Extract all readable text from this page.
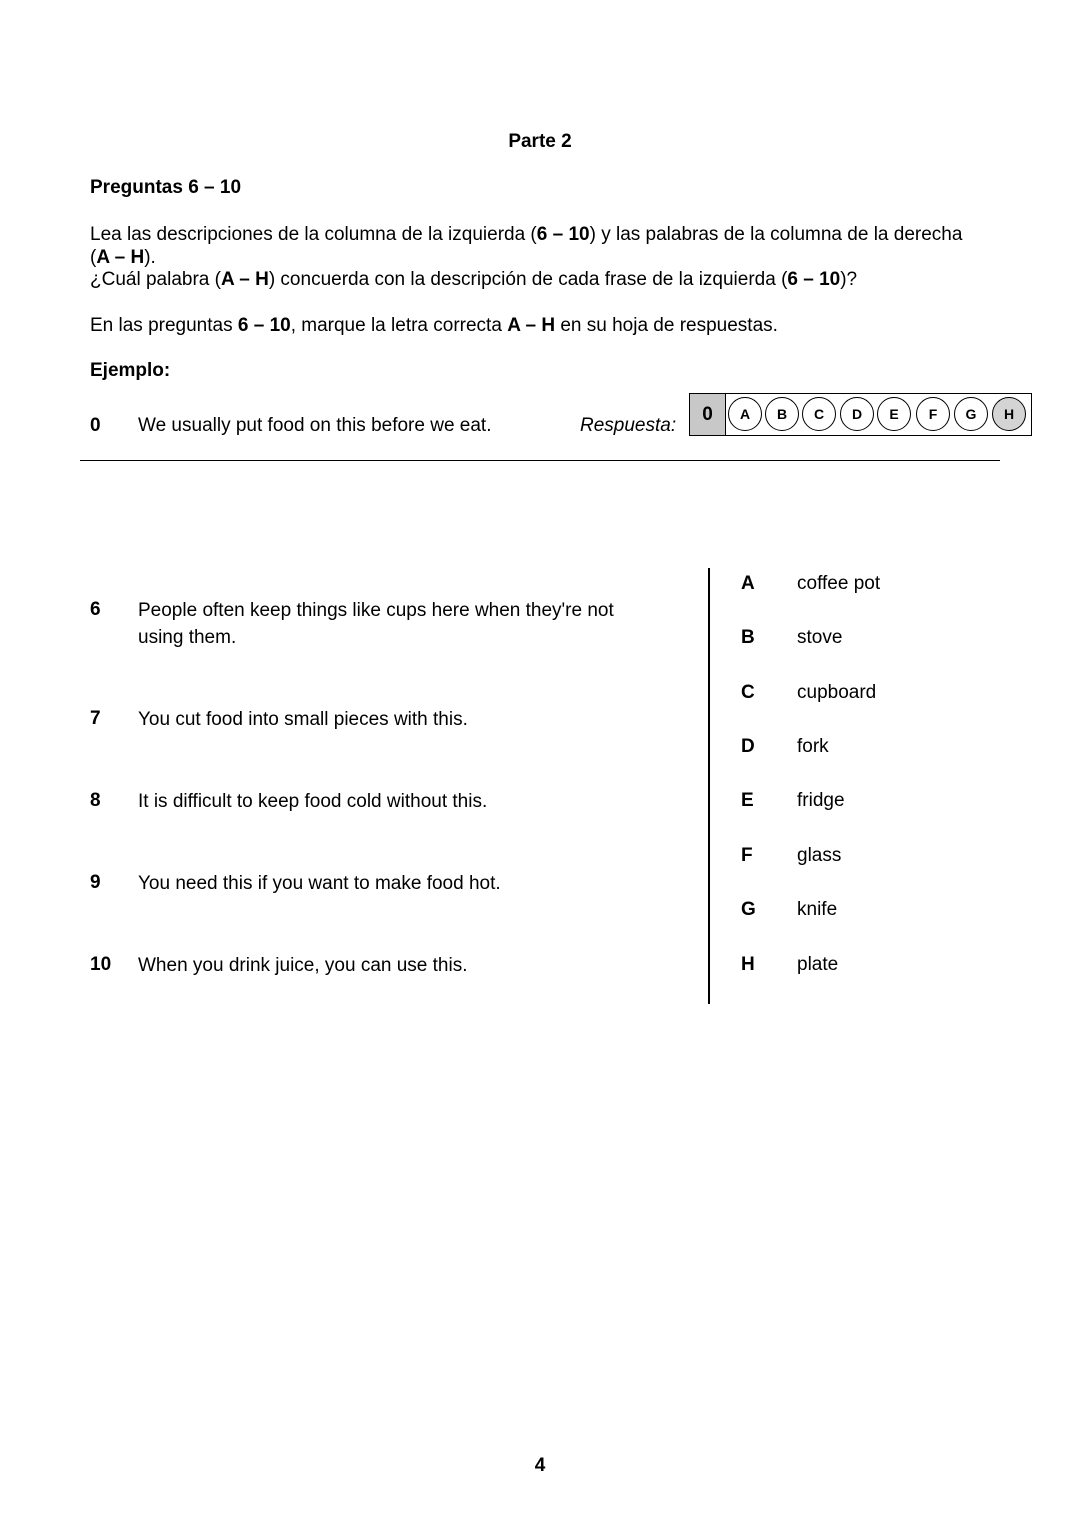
Parte 2
Preguntas 6 – 10
Lea las descripciones de la columna de la izquierda (6 – 10) y las palabras de la columna de la derecha (A – H).
¿Cuál palabra (A – H) concuerda con la descripción de cada frase de la izquierda (6 – 10)?
En las preguntas 6 – 10, marque la letra correcta A – H en su hoja de respuestas.
Ejemplo:
0 We usually put food on this before we eat.	Respuesta:
0	A	B	C	D	E	F	G	H
6 People often keep things like cups here when they're not using them.
7 You cut food into small pieces with this.
8 It is difficult to keep food cold without this.
9 You need this if you want to make food hot.
10 When you drink juice, you can use this.
A coffee pot
B stove
C cupboard
D fork
E fridge
F glass
G knife
H plate
4
